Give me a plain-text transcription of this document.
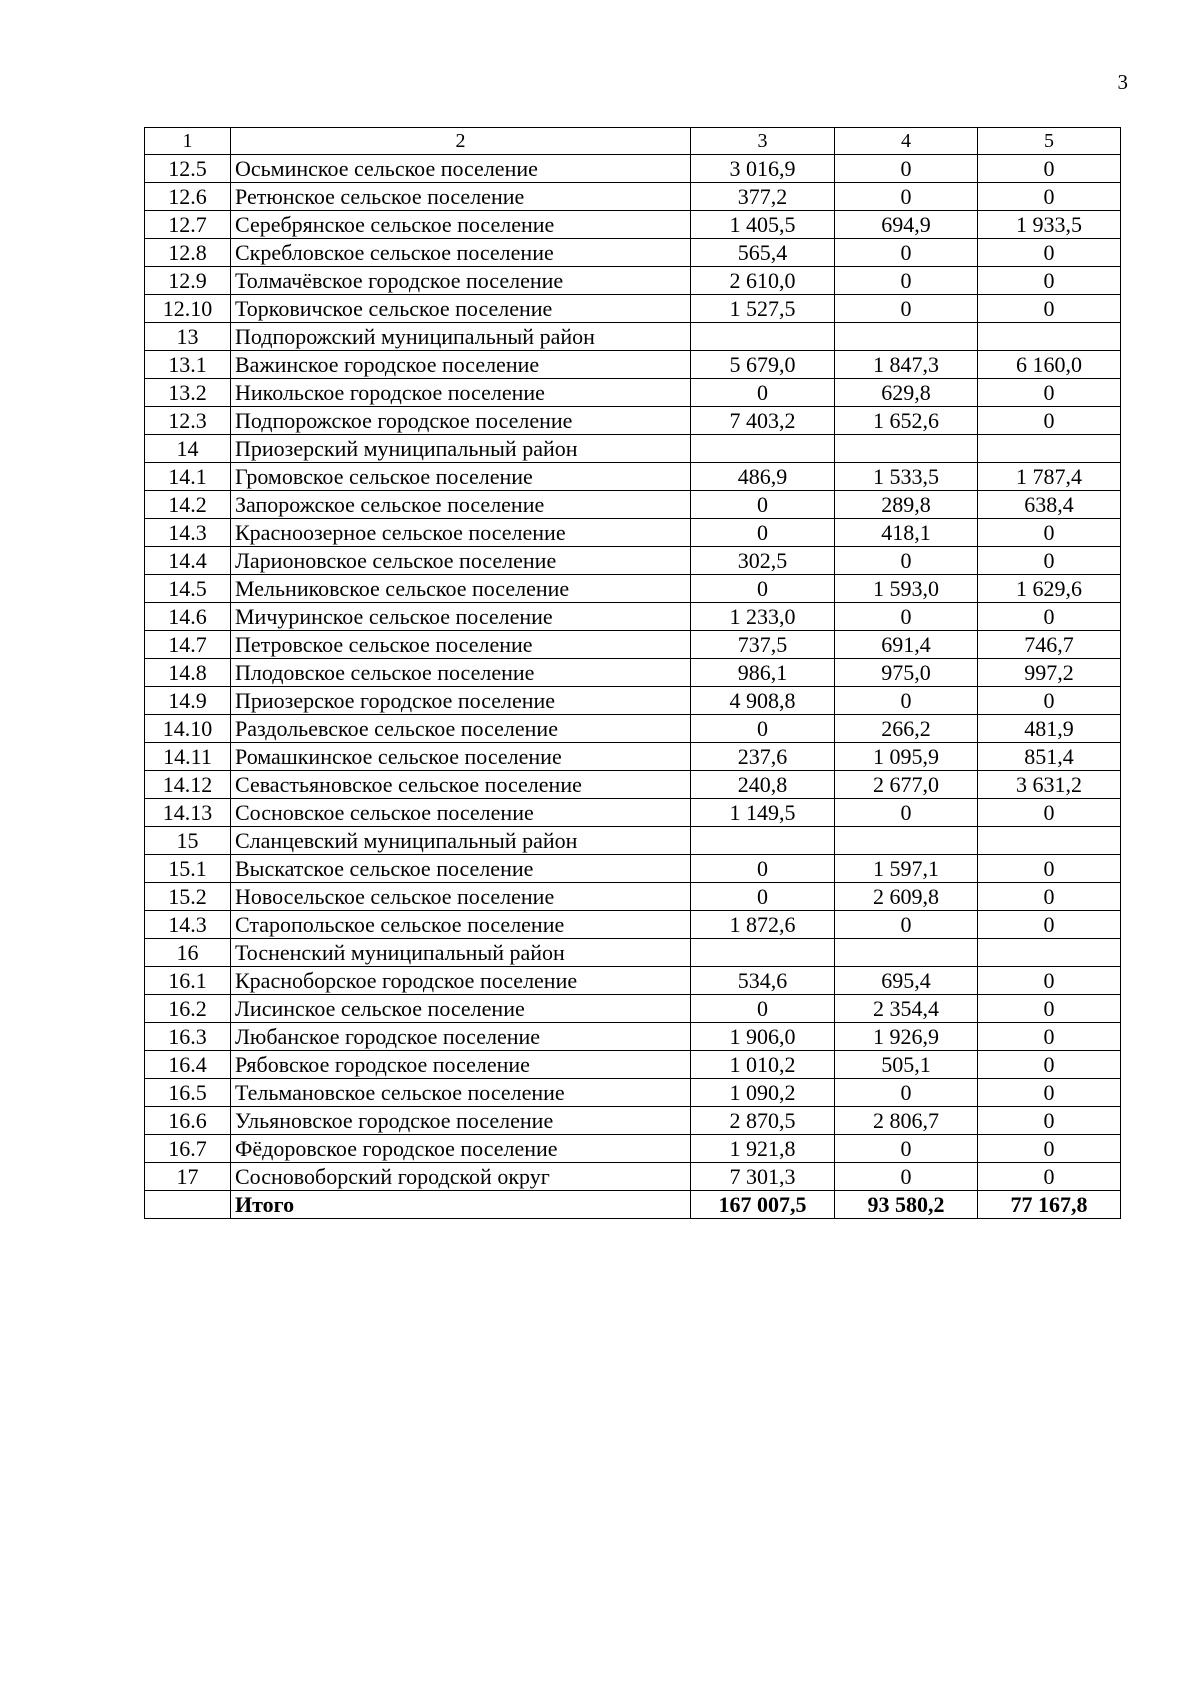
3
1	2	3	4	5
12.5	Осьминское сельское поселение	3 016,9	0	0
12.6	Ретюнское сельское поселение	377,2	0	0
12.7	Серебрянское сельское поселение	1 405,5	694,9	1 933,5
12.8	Скребловское сельское поселение	565,4	0	0
12.9	Толмачёвское городское поселение	2 610,0	0	0
12.10	Торковичское сельское поселение	1 527,5	0	0
13	Подпорожский муниципальный район			
13.1	Важинское городское поселение	5 679,0	1 847,3	6 160,0
13.2	Никольское городское поселение	0	629,8	0
12.3	Подпорожское городское поселение	7 403,2	1 652,6	0
14	Приозерский муниципальный район			
14.1	Громовское сельское поселение	486,9	1 533,5	1 787,4
14.2	Запорожское сельское поселение	0	289,8	638,4
14.3	Красноозерное сельское поселение	0	418,1	0
14.4	Ларионовское сельское поселение	302,5	0	0
14.5	Мельниковское сельское поселение	0	1 593,0	1 629,6
14.6	Мичуринское сельское поселение	1 233,0	0	0
14.7	Петровское сельское поселение	737,5	691,4	746,7
14.8	Плодовское сельское поселение	986,1	975,0	997,2
14.9	Приозерское городское поселение	4 908,8	0	0
14.10	Раздольевское сельское поселение	0	266,2	481,9
14.11	Ромашкинское сельское поселение	237,6	1 095,9	851,4
14.12	Севастьяновское сельское поселение	240,8	2 677,0	3 631,2
14.13	Сосновское сельское поселение	1 149,5	0	0
15	Сланцевский муниципальный район			
15.1	Выскатское сельское поселение	0	1 597,1	0
15.2	Новосельское сельское поселение	0	2 609,8	0
14.3	Старопольское сельское поселение	1 872,6	0	0
16	Тосненский муниципальный район			
16.1	Красноборское городское поселение	534,6	695,4	0
16.2	Лисинское сельское поселение	0	2 354,4	0
16.3	Любанское городское поселение	1 906,0	1 926,9	0
16.4	Рябовское городское поселение	1 010,2	505,1	0
16.5	Тельмановское сельское поселение	1 090,2	0	0
16.6	Ульяновское городское поселение	2 870,5	2 806,7	0
16.7	Фёдоровское городское поселение	1 921,8	0	0
17	Сосновоборский городской округ	7 301,3	0	0
	Итого	167 007,5	93 580,2	77 167,8
